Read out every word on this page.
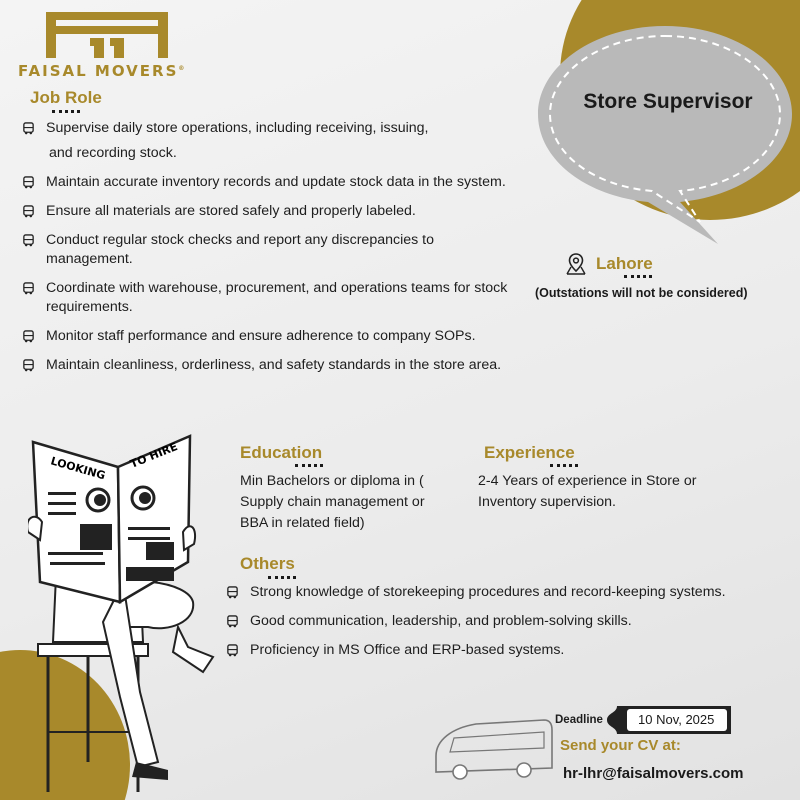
FAISAL MOVERS®
Store Supervisor
Job Role
Supervise daily store operations, including receiving, issuing,
and recording stock.
Maintain accurate inventory records and update stock data in the system.
Ensure all materials are stored safely and properly labeled.
Conduct regular stock checks and report any discrepancies to management.
Coordinate with warehouse, procurement, and operations teams for stock requirements.
Monitor staff performance and ensure adherence to company SOPs.
Maintain cleanliness, orderliness, and safety standards in the store area.
Lahore
(Outstations will not be considered)
LOOKING TO HIRE	Education
Min Bachelors or diploma in ( Supply chain management or BBA in related field)
Experience
2-4 Years of experience in Store or Inventory supervision.
Others
Strong knowledge of storekeeping procedures and record-keeping systems.
Good communication, leadership, and problem-solving skills.
Proficiency in MS Office and ERP-based systems.
Deadline	10 Nov, 2025
Send your CV at:
hr-lhr@faisalmovers.com
